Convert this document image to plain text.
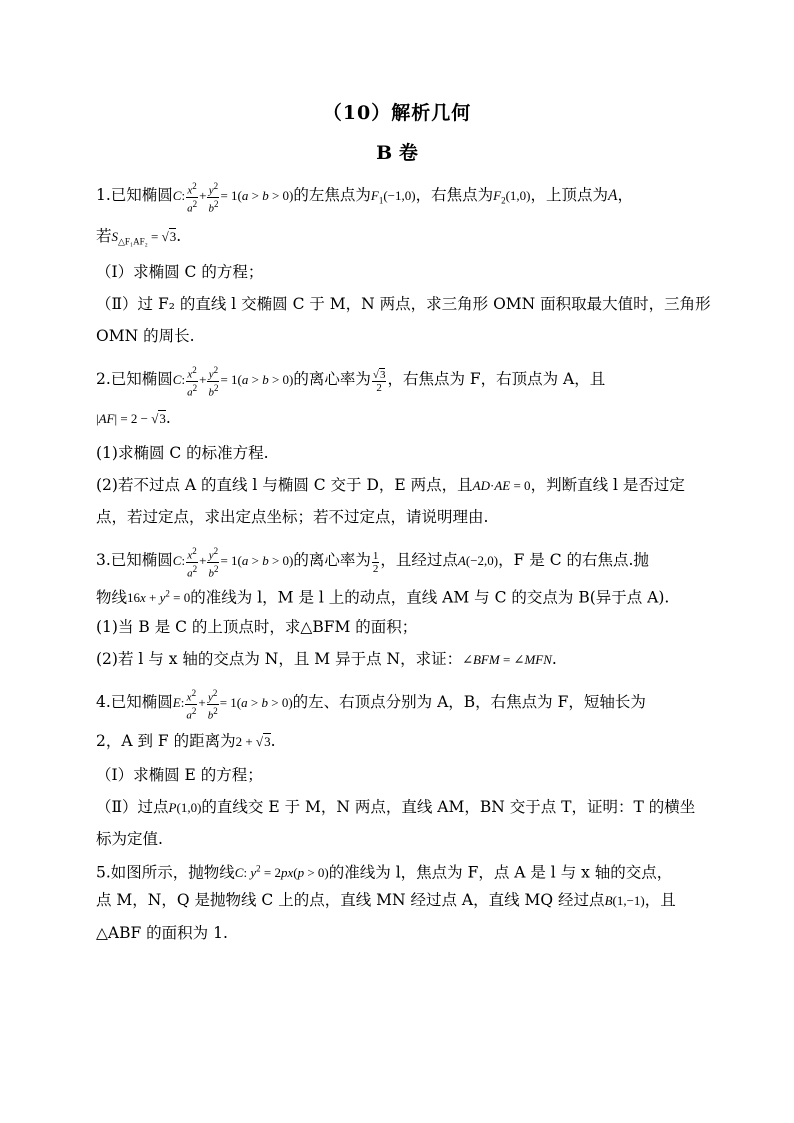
（10）解析几何
B 卷
1.已知椭圆C: $\frac{x^2}{a^2} + \frac{y^2}{b^2} = 1(a > b > 0)$的左焦点为$F_1(-1,0)$，右焦点为$F_2(1,0)$，上顶点为A，
若$S_{\triangle F_1AF_2} = √3$.
（I）求椭圆 C 的方程；
（Ⅱ）过 F₂ 的直线 l 交椭圆 C 于 M，N 两点，求三角形 OMN 面积取最大值时，三角形
OMN 的周长.
2.已知椭圆C: $\frac{x^2}{a^2} + \frac{y^2}{b^2} = 1(a > b > 0)$的离心率为 $\frac{√3}{2}$ ，右焦点为 F，右顶点为 A，且
|AF| = 2 − √3.
(1)求椭圆 C 的标准方程.
(2)若不过点 A 的直线 l 与椭圆 C 交于 D，E 两点，且AD·AE = 0，判断直线 l 是否过定
点，若过定点，求出定点坐标；若不过定点，请说明理由.
3.已知椭圆C: $\frac{x^2}{a^2} + \frac{y^2}{b^2} = 1(a > b > 0)$的离心率为 $\frac{1}{2}$ ，且经过点A(−2,0)，F 是 C 的右焦点.抛
物线$16x + y^2 = 0$的准线为 l，M 是 l 上的动点，直线 AM 与 C 的交点为 B(异于点 A).
(1)当 B 是 C 的上顶点时，求△BFM 的面积；
(2)若 l 与 x 轴的交点为 N，且 M 异于点 N，求证：∠BFM = ∠MFN.
4.已知椭圆E: $\frac{x^2}{a^2} + \frac{y^2}{b^2} = 1(a > b > 0)$的左、右顶点分别为 A，B，右焦点为 F，短轴长为
2，A 到 F 的距离为2 + √3.
（I）求椭圆 E 的方程；
（Ⅱ）过点P(1,0)的直线交 E 于 M，N 两点，直线 AM，BN 交于点 T，证明：T 的横坐
标为定值.
5.如图所示，抛物线C: $y^2 = 2px(p > 0)$的准线为 l，焦点为 F，点 A 是 l 与 x 轴的交点，
点 M，N，Q 是抛物线 C 上的点，直线 MN 经过点 A，直线 MQ 经过点B(1,−1)，且
△ABF 的面积为 1.
